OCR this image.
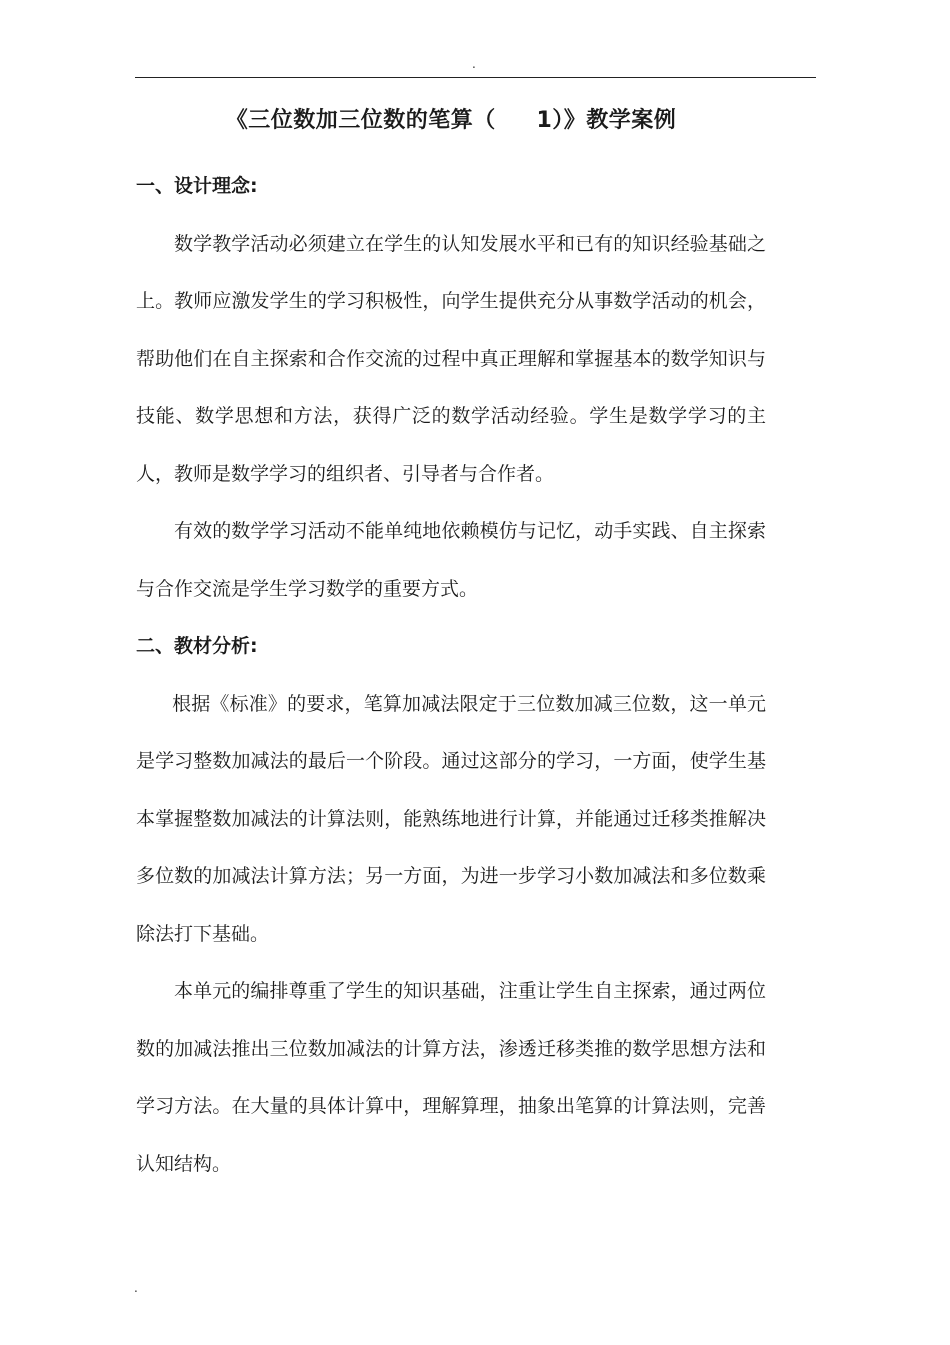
.
《三位数加三位数的笔算（     1）》教学案例
一、设计理念:

数学教学活动必须建立在学生的认知发展水平和已有的知识经验基础之上。教师应激发学生的学习积极性，向学生提供充分从事数学活动的机会，帮助他们在自主探索和合作交流的过程中真正理解和掌握基本的数学知识与技能、数学思想和方法，获得广泛的数学活动经验。学生是数学学习的主人，教师是数学学习的组织者、引导者与合作者。

有效的数学学习活动不能单纯地依赖模仿与记忆，动手实践、自主探索与合作交流是学生学习数学的重要方式。

二、教材分析:

根据《标准》的要求，笔算加减法限定于三位数加减三位数，这一单元是学习整数加减法的最后一个阶段。通过这部分的学习，一方面，使学生基本掌握整数加减法的计算法则，能熟练地进行计算，并能通过迁移类推解决多位数的加减法计算方法；另一方面，为进一步学习小数加减法和多位数乘除法打下基础。

本单元的编排尊重了学生的知识基础，注重让学生自主探索，通过两位数的加减法推出三位数加减法的计算方法，渗透迁移类推的数学思想方法和学习方法。在大量的具体计算中，理解算理，抽象出笔算的计算法则，完善认知结构。

.
